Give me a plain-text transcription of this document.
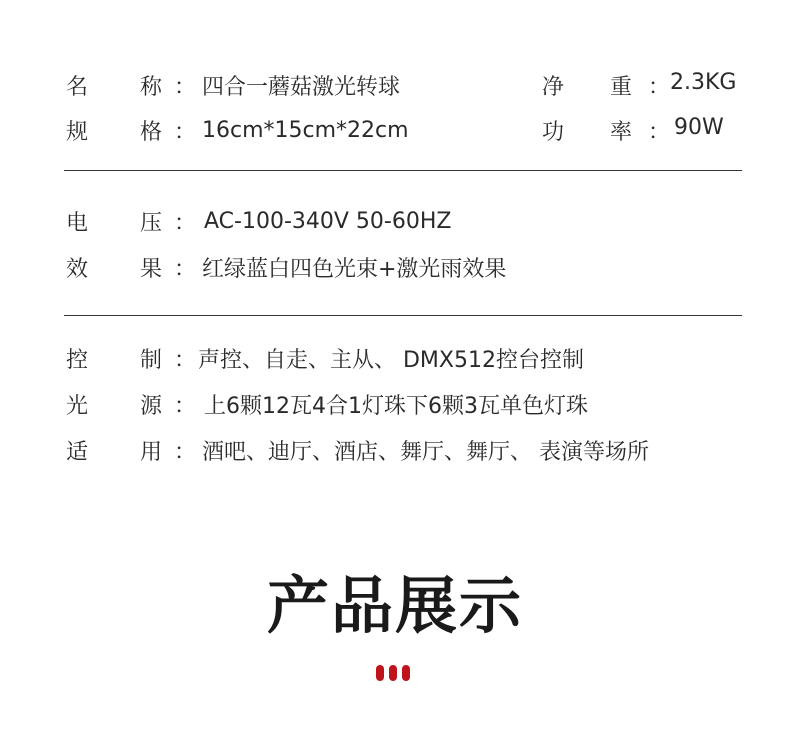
名 称 ： 四合一蘑菇激光转球	净 重 ： 2.3KG
规 格 ： 16cm*15cm*22cm	功 率 ： 90W
电 压 ： AC-100-340V 50-60HZ
效 果 ： 红绿蓝白四色光束+激光雨效果
控 制 ： 声控、自走、主从、 DMX512控台控制
光 源 ： 上6颗12瓦4合1灯珠下6颗3瓦单色灯珠
适 用 ： 酒吧、迪厅、酒店、舞厅、舞厅、 表演等场所
产品展示
